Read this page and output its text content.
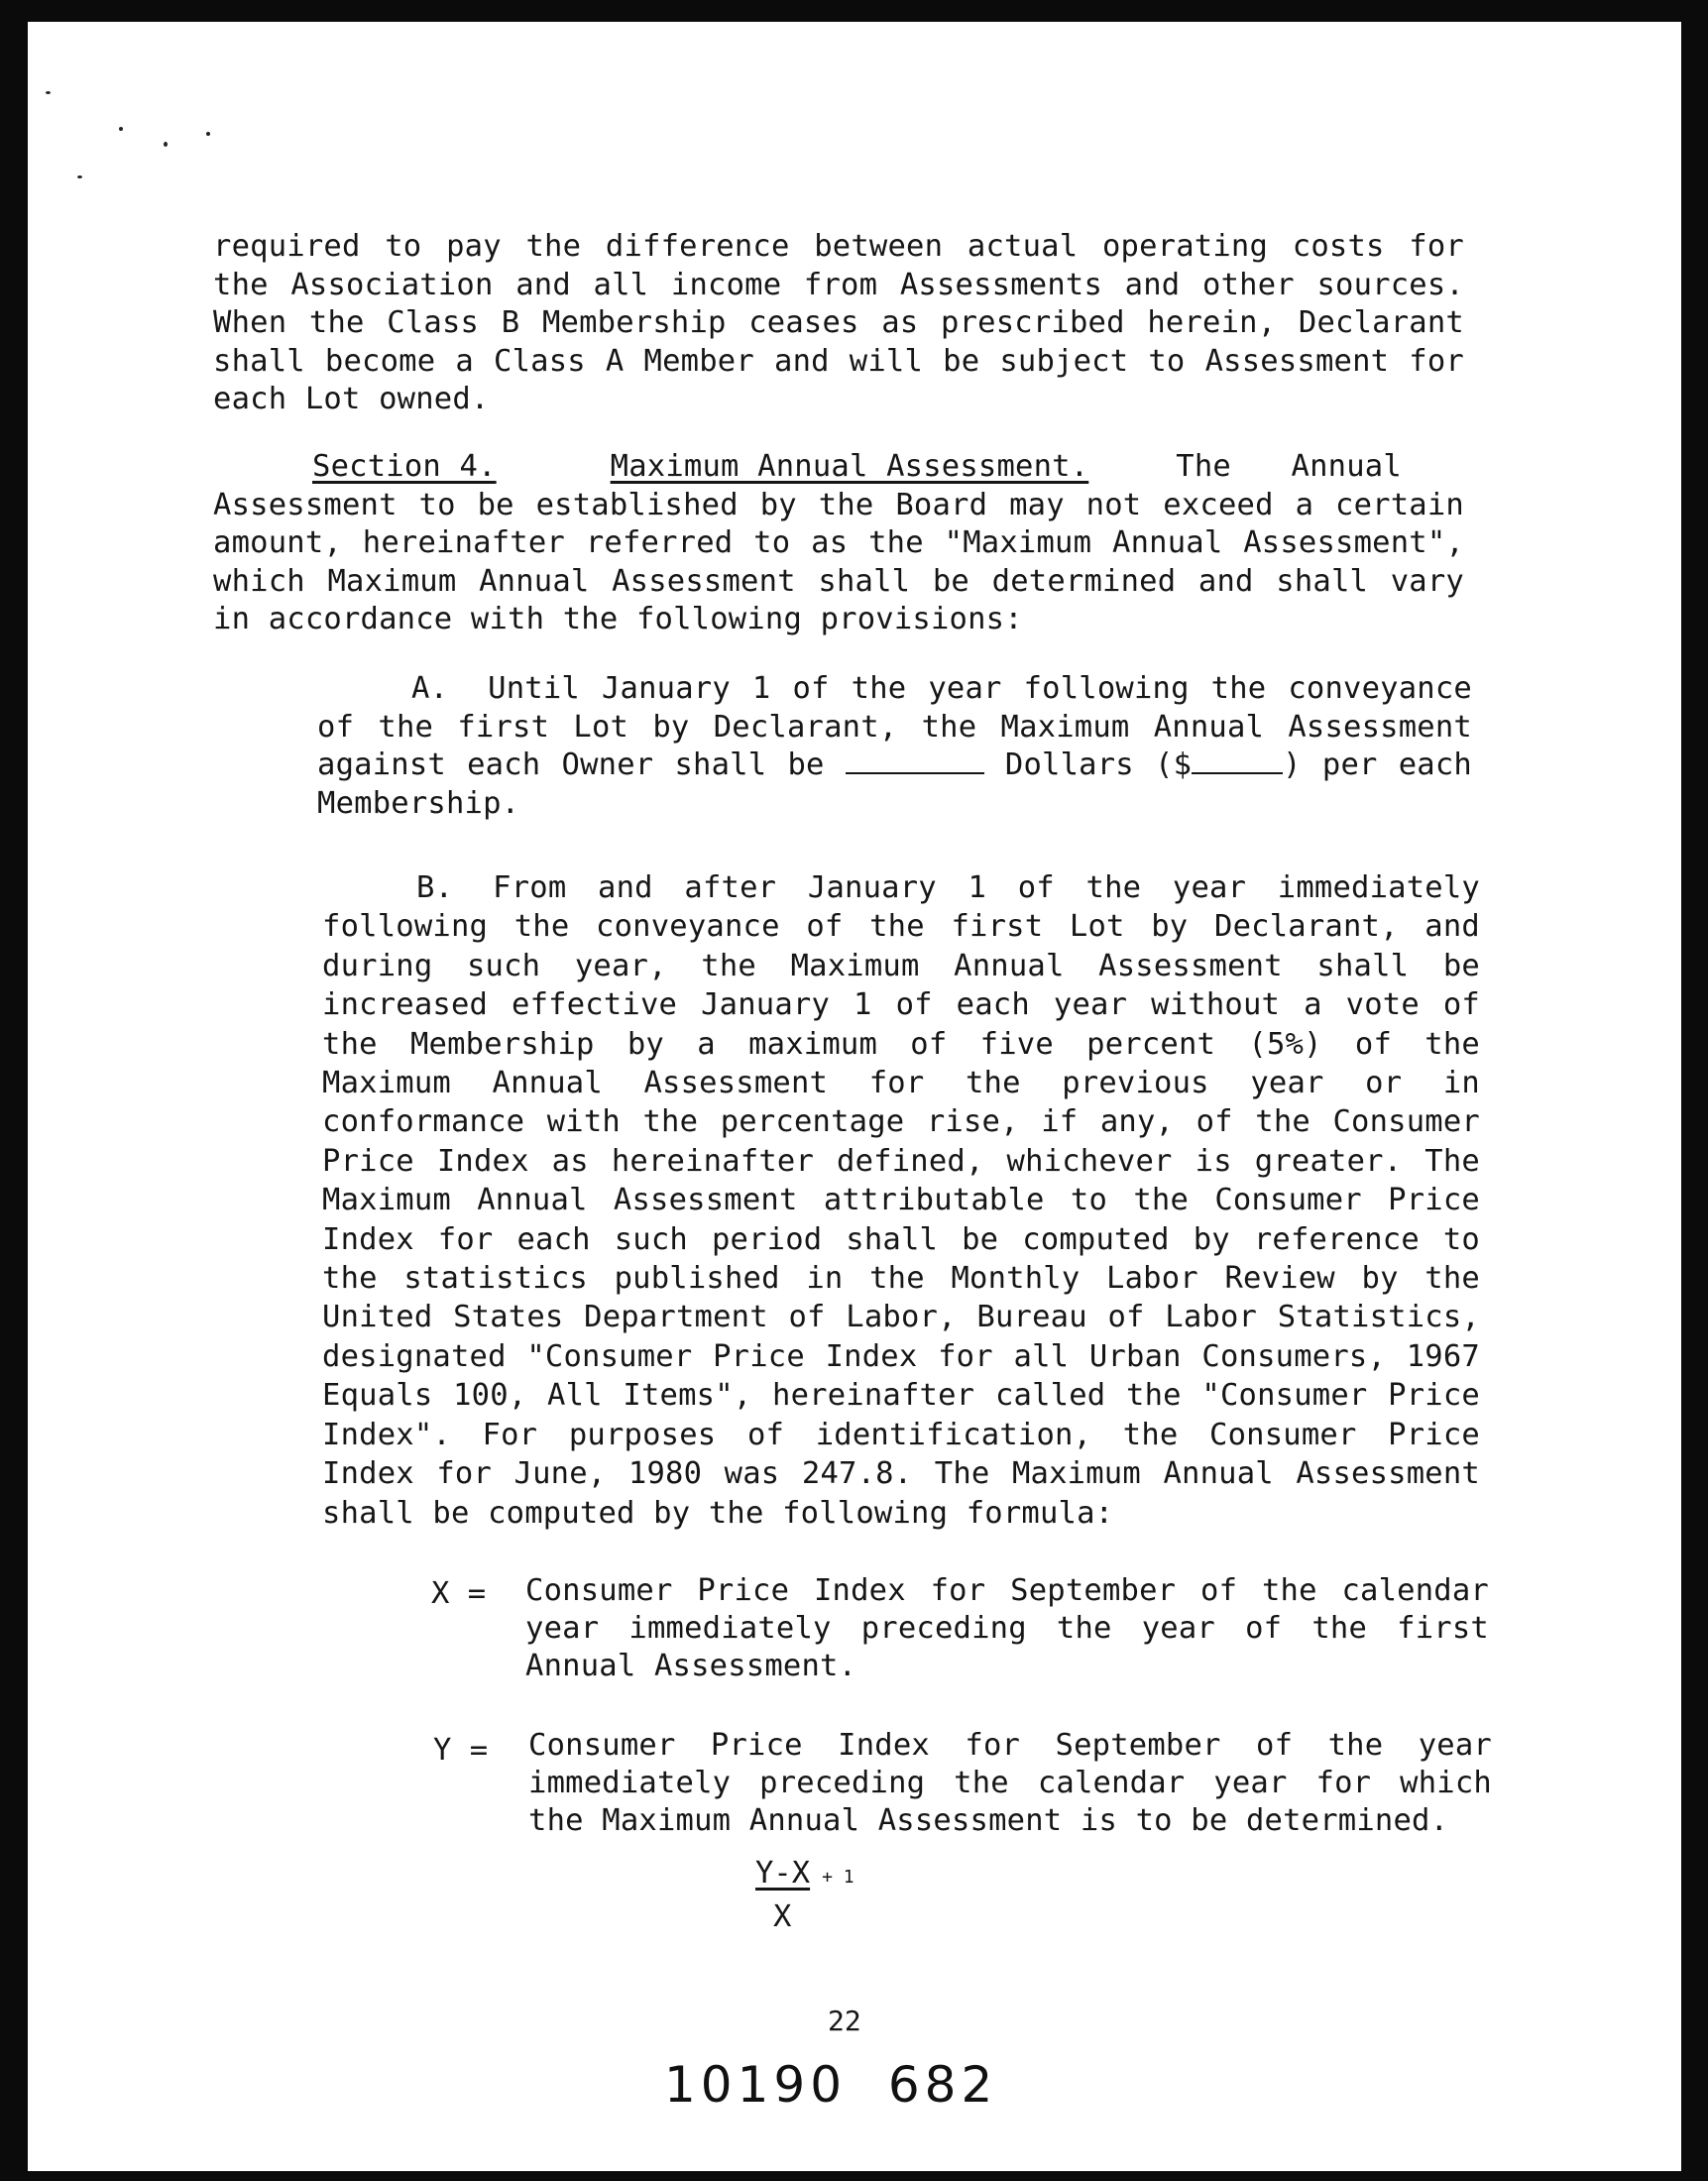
required to pay the difference between actual operating costs for
the Association and all income from Assessments and other sources.
When the Class B Membership ceases as prescribed herein, Declarant
shall become a Class A Member and will be subject to Assessment for
each Lot owned.
Section 4.	Maximum Annual Assessment.	The Annual
Assessment to be established by the Board may not exceed a certain
amount, hereinafter referred to as the "Maximum Annual Assessment",
which Maximum Annual Assessment shall be determined and shall vary
in accordance with the following provisions:
A. Until January 1 of the year following the conveyance
of the first Lot by Declarant, the Maximum Annual Assessment
against each Owner shall be	Dollars ($	) per each
Membership.
B. From and after January 1 of the year immediately
following the conveyance of the first Lot by Declarant, and
during such year, the Maximum Annual Assessment shall be
increased effective January 1 of each year without a vote of
the Membership by a maximum of five percent (5%) of the
Maximum Annual Assessment for the previous year or in
conformance with the percentage rise, if any, of the Consumer
Price Index as hereinafter defined, whichever is greater. The
Maximum Annual Assessment attributable to the Consumer Price
Index for each such period shall be computed by reference to
the statistics published in the Monthly Labor Review by the
United States Department of Labor, Bureau of Labor Statistics,
designated "Consumer Price Index for all Urban Consumers, 1967
Equals 100, All Items", hereinafter called the "Consumer Price
Index". For purposes of identification, the Consumer Price
Index for June, 1980 was 247.8. The Maximum Annual Assessment
shall be computed by the following formula:
X = Consumer Price Index for September of the calendar
year immediately preceding the year of the first
Annual Assessment.
Y = Consumer Price Index for September of the year
immediately preceding the calendar year for which
the Maximum Annual Assessment is to be determined.
Y-X + 1
X
22
10190  682
